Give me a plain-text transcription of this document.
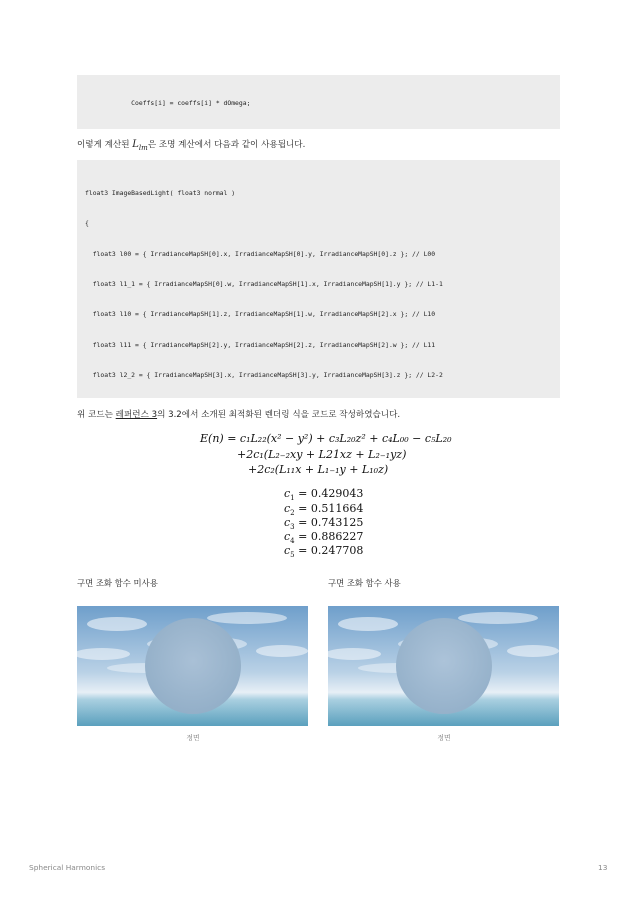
Coeffs[i] = coeffs[i] * dOmega;

이렇게 계산된 $L_{lm}$은 조명 계산에서 다음과 같이 사용됩니다.

float3 ImageBasedLight( float3 normal )

{

float3 l00 = { IrradianceMapSH[0].x, IrradianceMapSH[0].y, IrradianceMapSH[0].z }; // L00

float3 l1_1 = { IrradianceMapSH[0].w, IrradianceMapSH[1].x, IrradianceMapSH[1].y }; // L1-1

float3 l10 = { IrradianceMapSH[1].z, IrradianceMapSH[1].w, IrradianceMapSH[2].x }; // L10

float3 l11 = { IrradianceMapSH[2].y, IrradianceMapSH[2].z, IrradianceMapSH[2].w }; // L11

float3 l2_2 = { IrradianceMapSH[3].x, IrradianceMapSH[3].y, IrradianceMapSH[3].z }; // L2-2

위 코드는 레퍼런스 3의 3.2에서 소개된 최적화된 렌더링 식을 코드로 작성하였습니다.
E(n) = c₁L₂₂(x² − y²) + c₃L₂₀z² + c₄L₀₀ − c₅L₂₀
+2c₁(L₂₋₂xy + L21xz + L₂₋₁yz)
+2c₂(L₁₁x + L₁₋₁y + L₁₀z)
$c_1 = 0.429043$
$c_2 = 0.511664$
$c_3 = 0.743125$
$c_4 = 0.886227$
$c_5 = 0.247708$
구면 조화 함수 미사용	구면 조화 함수 사용
정면	정면
Spherical Harmonics	13
